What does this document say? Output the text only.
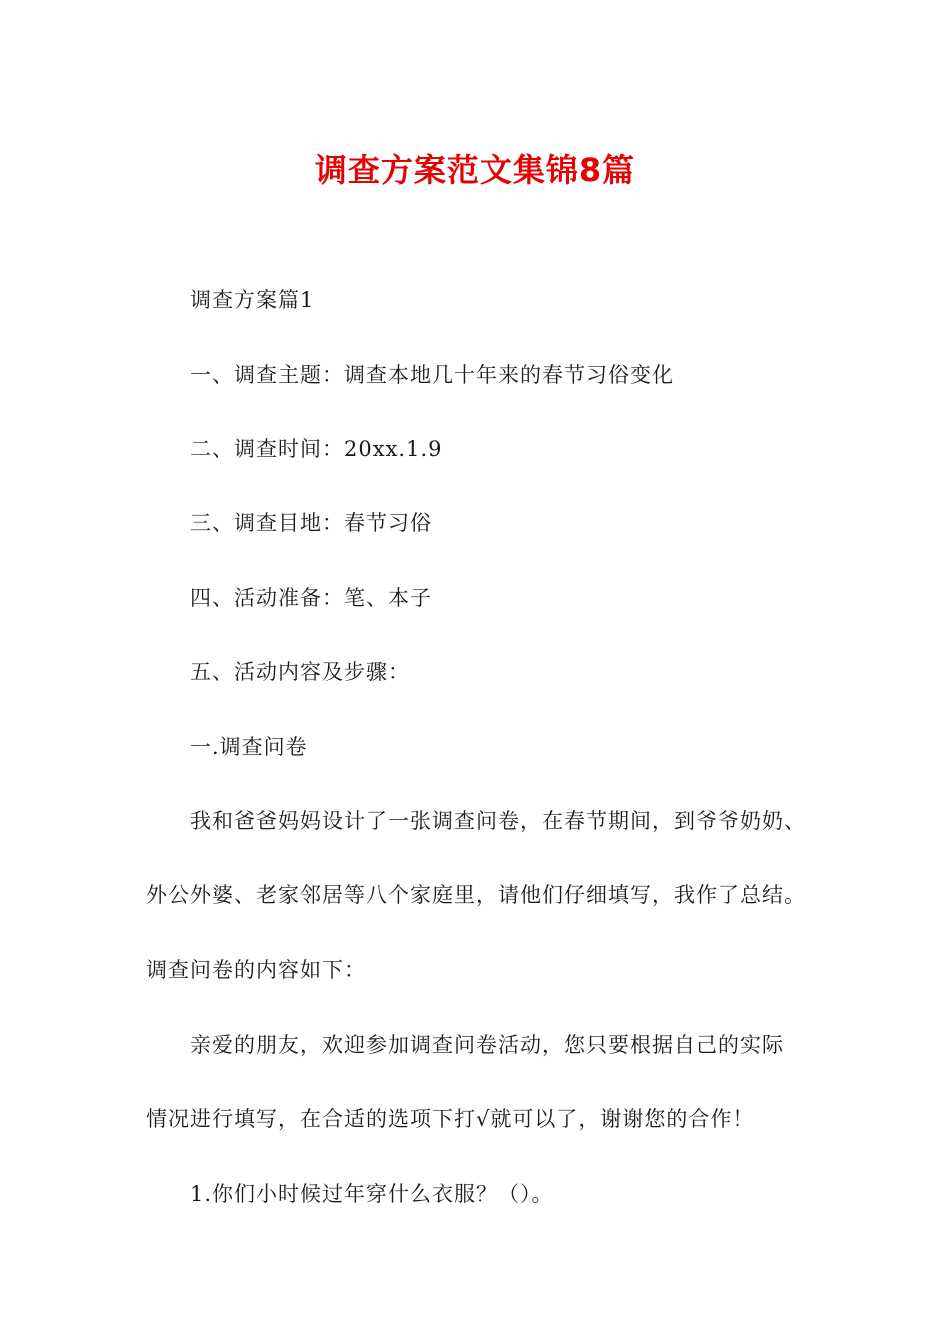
调查方案范文集锦8篇
调查方案篇1
一、调查主题：调查本地几十年来的春节习俗变化
二、调查时间：20xx.1.9
三、调查目地：春节习俗
四、活动准备：笔、本子
五、活动内容及步骤：
一.调查问卷
我和爸爸妈妈设计了一张调查问卷，在春节期间，到爷爷奶奶、
外公外婆、老家邻居等八个家庭里，请他们仔细填写，我作了总结。
调查问卷的内容如下：
亲爱的朋友，欢迎参加调查问卷活动，您只要根据自己的实际
情况进行填写，在合适的选项下打√就可以了，谢谢您的合作！
1.你们小时候过年穿什么衣服？（）。
